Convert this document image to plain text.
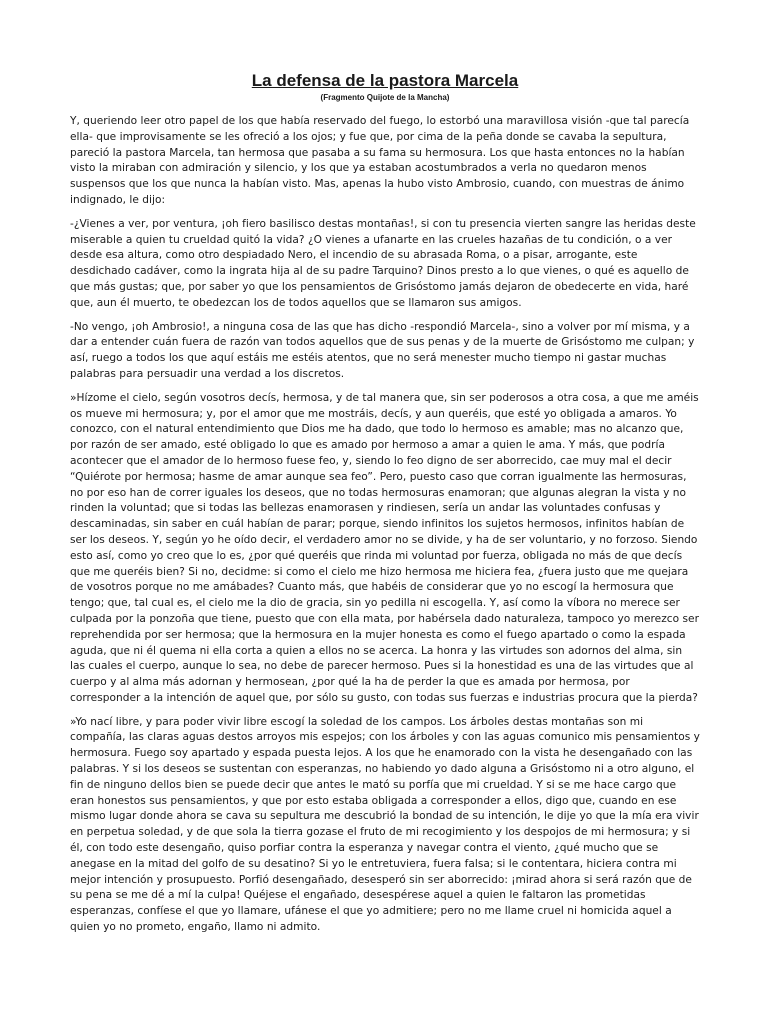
La defensa de la pastora Marcela

(Fragmento Quijote de la Mancha)

Y, queriendo leer otro papel de los que había reservado del fuego, lo estorbó una maravillosa visión -que tal parecía ella- que improvisamente se les ofreció a los ojos; y fue que, por cima de la peña donde se cavaba la sepultura, pareció la pastora Marcela, tan hermosa que pasaba a su fama su hermosura. Los que hasta entonces no la habían visto la miraban con admiración y silencio, y los que ya estaban acostumbrados a verla no quedaron menos suspensos que los que nunca la habían visto. Mas, apenas la hubo visto Ambrosio, cuando, con muestras de ánimo indignado, le dijo:

-¿Vienes a ver, por ventura, ¡oh fiero basilisco destas montañas!, si con tu presencia vierten sangre las heridas deste miserable a quien tu crueldad quitó la vida? ¿O vienes a ufanarte en las crueles hazañas de tu condición, o a ver desde esa altura, como otro despiadado Nero, el incendio de su abrasada Roma, o a pisar, arrogante, este desdichado cadáver, como la ingrata hija al de su padre Tarquino? Dinos presto a lo que vienes, o qué es aquello de que más gustas; que, por saber yo que los pensamientos de Grisóstomo jamás dejaron de obedecerte en vida, haré que, aun él muerto, te obedezcan los de todos aquellos que se llamaron sus amigos.

-No vengo, ¡oh Ambrosio!, a ninguna cosa de las que has dicho -respondió Marcela-, sino a volver por mí misma, y a dar a entender cuán fuera de razón van todos aquellos que de sus penas y de la muerte de Grisóstomo me culpan; y así, ruego a todos los que aquí estáis me estéis atentos, que no será menester mucho tiempo ni gastar muchas palabras para persuadir una verdad a los discretos.

»Hízome el cielo, según vosotros decís, hermosa, y de tal manera que, sin ser poderosos a otra cosa, a que me améis os mueve mi hermosura; y, por el amor que me mostráis, decís, y aun queréis, que esté yo obligada a amaros. Yo conozco, con el natural entendimiento que Dios me ha dado, que todo lo hermoso es amable; mas no alcanzo que, por razón de ser amado, esté obligado lo que es amado por hermoso a amar a quien le ama. Y más, que podría acontecer que el amador de lo hermoso fuese feo, y, siendo lo feo digno de ser aborrecido, cae muy mal el decir “Quiérote por hermosa; hasme de amar aunque sea feo”. Pero, puesto caso que corran igualmente las hermosuras, no por eso han de correr iguales los deseos, que no todas hermosuras enamoran; que algunas alegran la vista y no rinden la voluntad; que si todas las bellezas enamorasen y rindiesen, sería un andar las voluntades confusas y descaminadas, sin saber en cuál habían de parar; porque, siendo infinitos los sujetos hermosos, infinitos habían de ser los deseos. Y, según yo he oído decir, el verdadero amor no se divide, y ha de ser voluntario, y no forzoso. Siendo esto así, como yo creo que lo es, ¿por qué queréis que rinda mi voluntad por fuerza, obligada no más de que decís que me queréis bien? Si no, decidme: si como el cielo me hizo hermosa me hiciera fea, ¿fuera justo que me quejara de vosotros porque no me amábades? Cuanto más, que habéis de considerar que yo no escogí la hermosura que tengo; que, tal cual es, el cielo me la dio de gracia, sin yo pedilla ni escogella. Y, así como la víbora no merece ser culpada por la ponzoña que tiene, puesto que con ella mata, por habérsela dado naturaleza, tampoco yo merezco ser reprehendida por ser hermosa; que la hermosura en la mujer honesta es como el fuego apartado o como la espada aguda, que ni él quema ni ella corta a quien a ellos no se acerca. La honra y las virtudes son adornos del alma, sin las cuales el cuerpo, aunque lo sea, no debe de parecer hermoso. Pues si la honestidad es una de las virtudes que al cuerpo y al alma más adornan y hermosean, ¿por qué la ha de perder la que es amada por hermosa, por corresponder a la intención de aquel que, por sólo su gusto, con todas sus fuerzas e industrias procura que la pierda?

»Yo nací libre, y para poder vivir libre escogí la soledad de los campos. Los árboles destas montañas son mi compañía, las claras aguas destos arroyos mis espejos; con los árboles y con las aguas comunico mis pensamientos y hermosura. Fuego soy apartado y espada puesta lejos. A los que he enamorado con la vista he desengañado con las palabras. Y si los deseos se sustentan con esperanzas, no habiendo yo dado alguna a Grisóstomo ni a otro alguno, el fin de ninguno dellos bien se puede decir que antes le mató su porfía que mi crueldad. Y si se me hace cargo que eran honestos sus pensamientos, y que por esto estaba obligada a corresponder a ellos, digo que, cuando en ese mismo lugar donde ahora se cava su sepultura me descubrió la bondad de su intención, le dije yo que la mía era vivir en perpetua soledad, y de que sola la tierra gozase el fruto de mi recogimiento y los despojos de mi hermosura; y si él, con todo este desengaño, quiso porfiar contra la esperanza y navegar contra el viento, ¿qué mucho que se anegase en la mitad del golfo de su desatino? Si yo le entretuviera, fuera falsa; si le contentara, hiciera contra mi mejor intención y prosupuesto. Porfió desengañado, desesperó sin ser aborrecido: ¡mirad ahora si será razón que de su pena se me dé a mí la culpa! Quéjese el engañado, desespérese aquel a quien le faltaron las prometidas esperanzas, confíese el que yo llamare, ufánese el que yo admitiere; pero no me llame cruel ni homicida aquel a quien yo no prometo, engaño, llamo ni admito.
